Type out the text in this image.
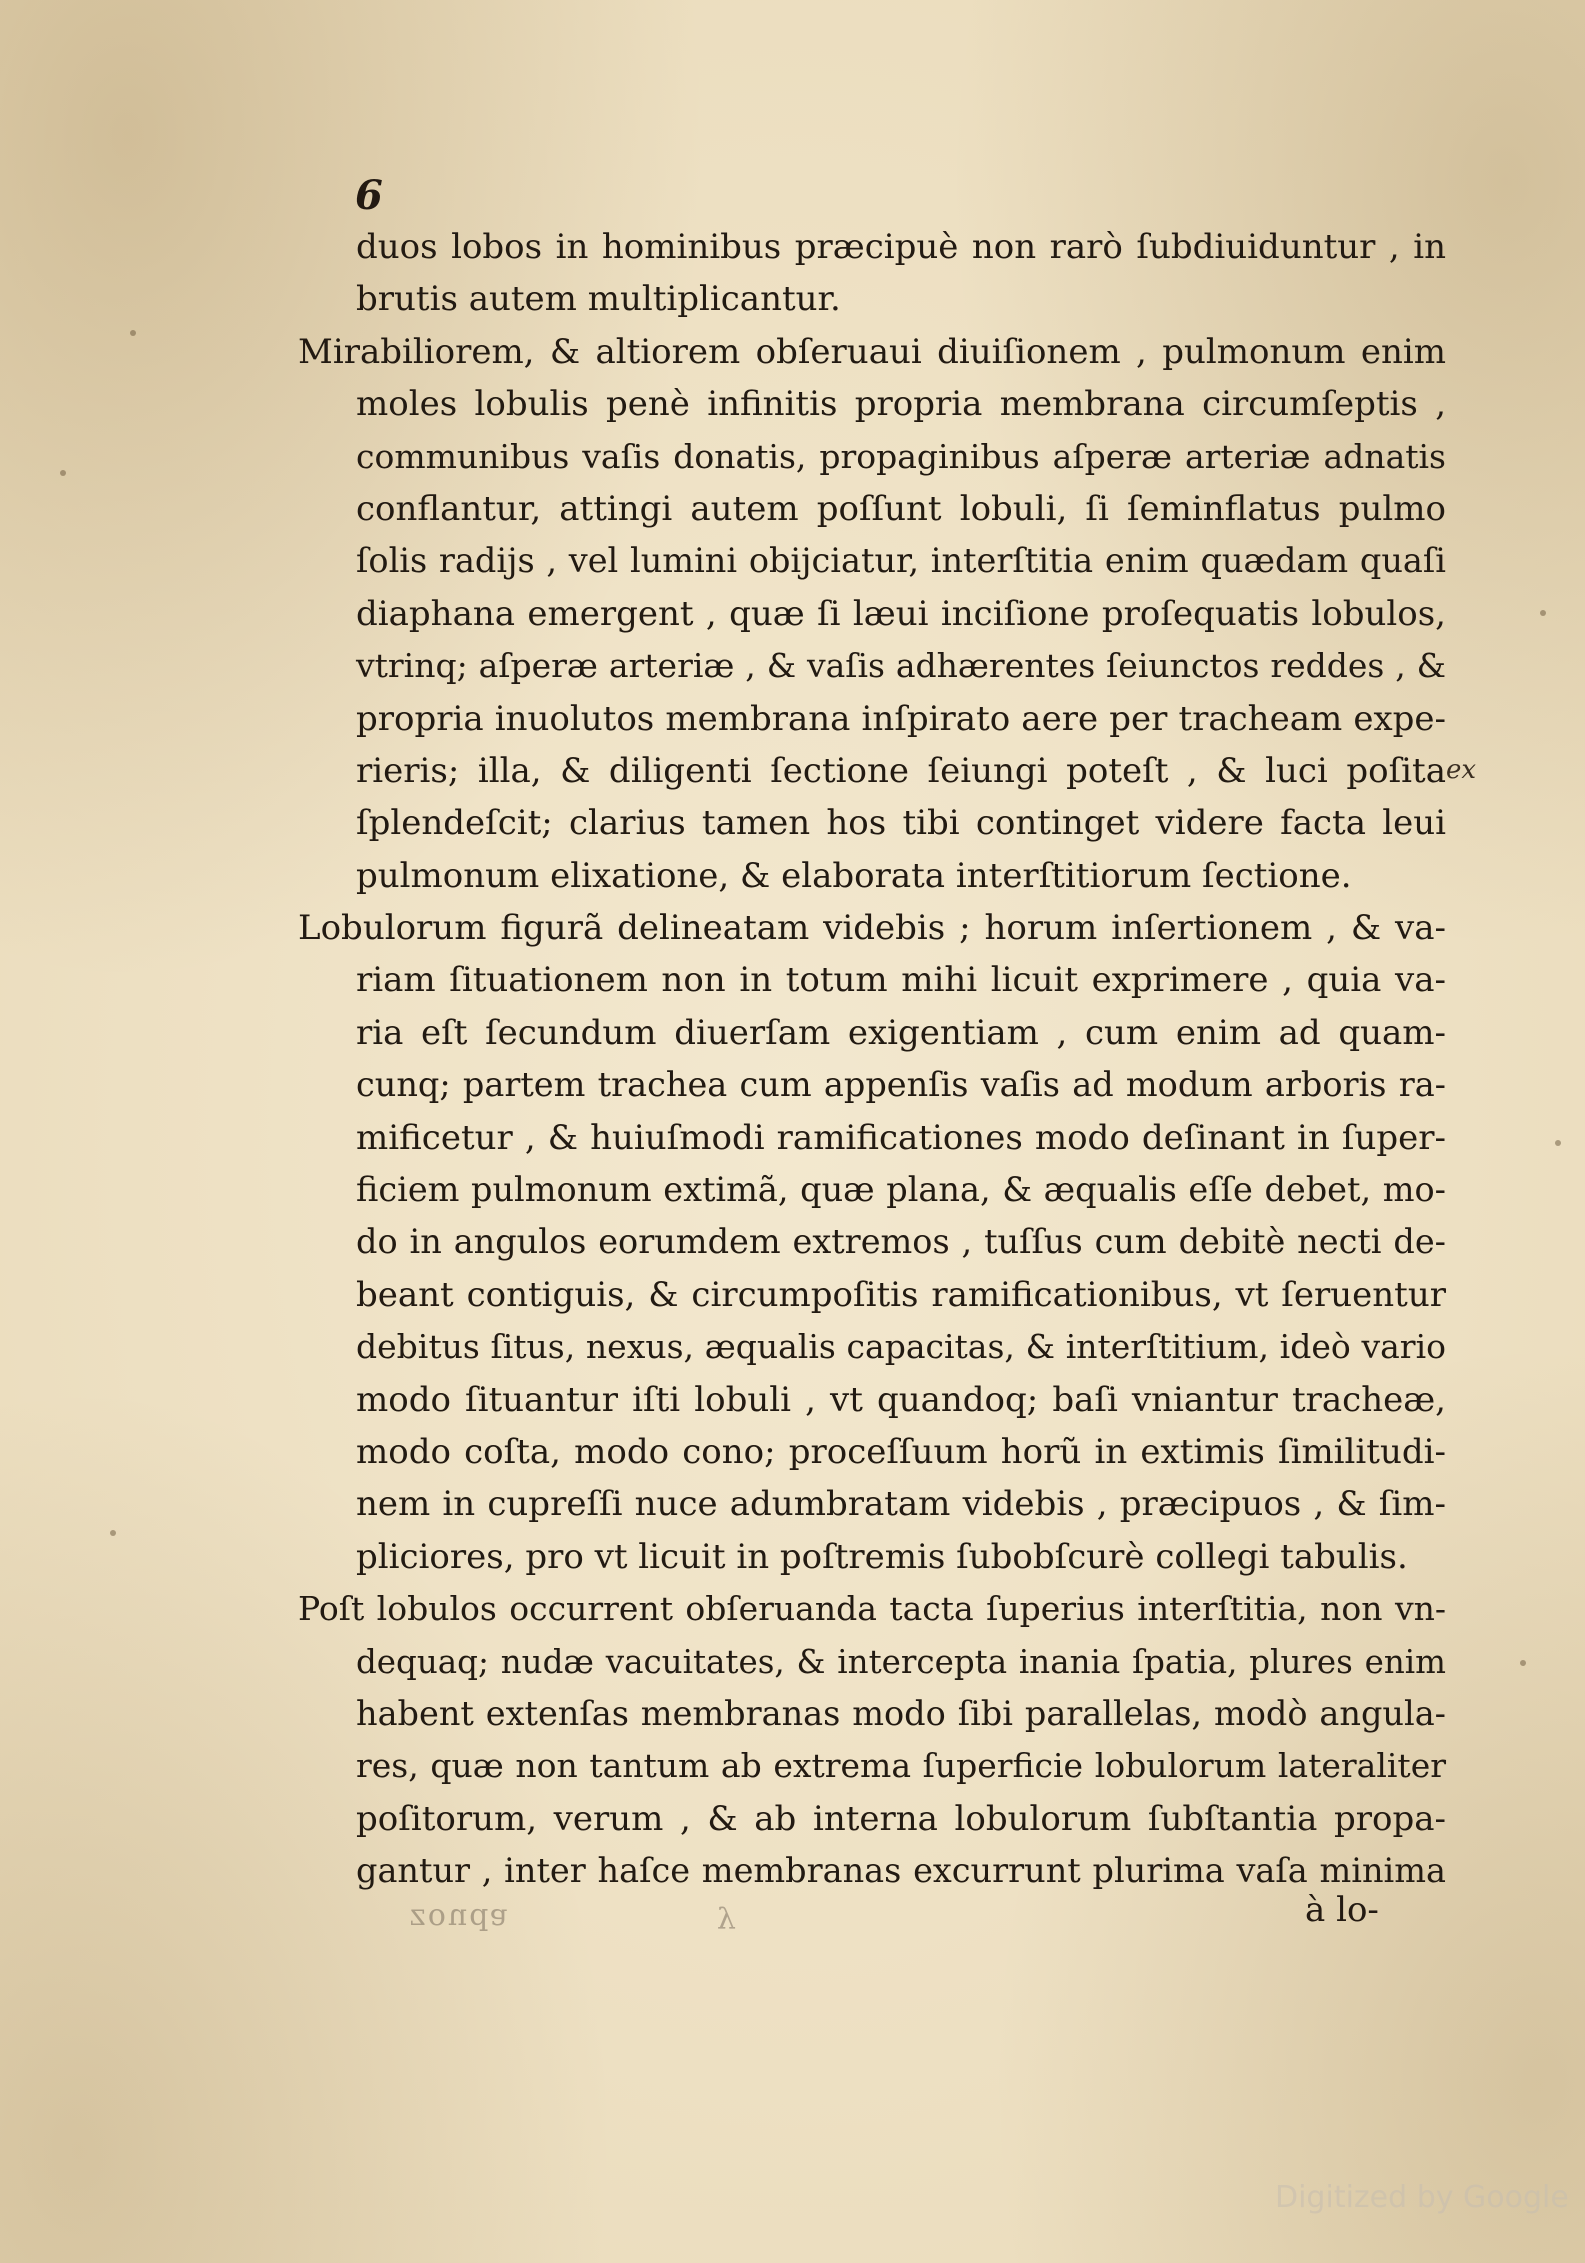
6
duos lobos in hominibus præcipuè non rarò ſubdiuiduntur , in
brutis autem multiplicantur.
Mirabiliorem, & altiorem obſeruaui diuiſionem , pulmonum enim
moles lobulis penè infinitis propria membrana circumſeptis ,
communibus vaſis donatis, propaginibus aſperæ arteriæ adnatis
conflantur, attingi autem poſſunt lobuli, ſi ſeminflatus pulmo
ſolis radijs , vel lumini obijciatur, interſtitia enim quædam quaſi
diaphana emergent , quæ ſi læui inciſione proſequatis lobulos,
vtrinq; aſperæ arteriæ , & vaſis adhærentes ſeiunctos reddes , &
propria inuolutos membrana inſpirato aere per tracheam expe-
rieris; illa, & diligenti ſectione ſeiungi poteſt , & luci poſita
ſplendeſcit; clarius tamen hos tibi continget videre facta leui
pulmonum elixatione, & elaborata interſtitiorum ſectione.
Lobulorum figurã delineatam videbis ; horum inſertionem , & va-
riam ſituationem non in totum mihi licuit exprimere , quia va-
ria eſt ſecundum diuerſam exigentiam , cum enim ad quam-
cunq; partem trachea cum appenſis vaſis ad modum arboris ra-
mificetur , & huiuſmodi ramificationes modo deſinant in ſuper-
ficiem pulmonum extimã, quæ plana, & æqualis eſſe debet, mo-
do in angulos eorumdem extremos , tuſſus cum debitè necti de-
beant contiguis, & circumpoſitis ramificationibus, vt ſeruentur
debitus ſitus, nexus, æqualis capacitas, & interſtitium, ideò vario
modo ſituantur iſti lobuli , vt quandoq; baſi vniantur tracheæ,
modo coſta, modo cono; proceſſuum horũ in extimis ſimilitudi-
nem in cupreſſi nuce adumbratam videbis , præcipuos , & ſim-
pliciores, pro vt licuit in poſtremis ſubobſcurè collegi tabulis.
Poſt lobulos occurrent obſeruanda tacta ſuperius interſtitia, non vn-
dequaq; nudæ vacuitates, & intercepta inania ſpatia, plures enim
habent extenſas membranas modo ſibi parallelas, modò angula-
res, quæ non tantum ab extrema ſuperficie lobulorum lateraliter
poſitorum, verum , & ab interna lobulorum ſubſtantia propa-
gantur , inter haſce membranas excurrunt plurima vaſa minima
ex
ɐpnoz	ʎ	à lo-
Digitized by Google
